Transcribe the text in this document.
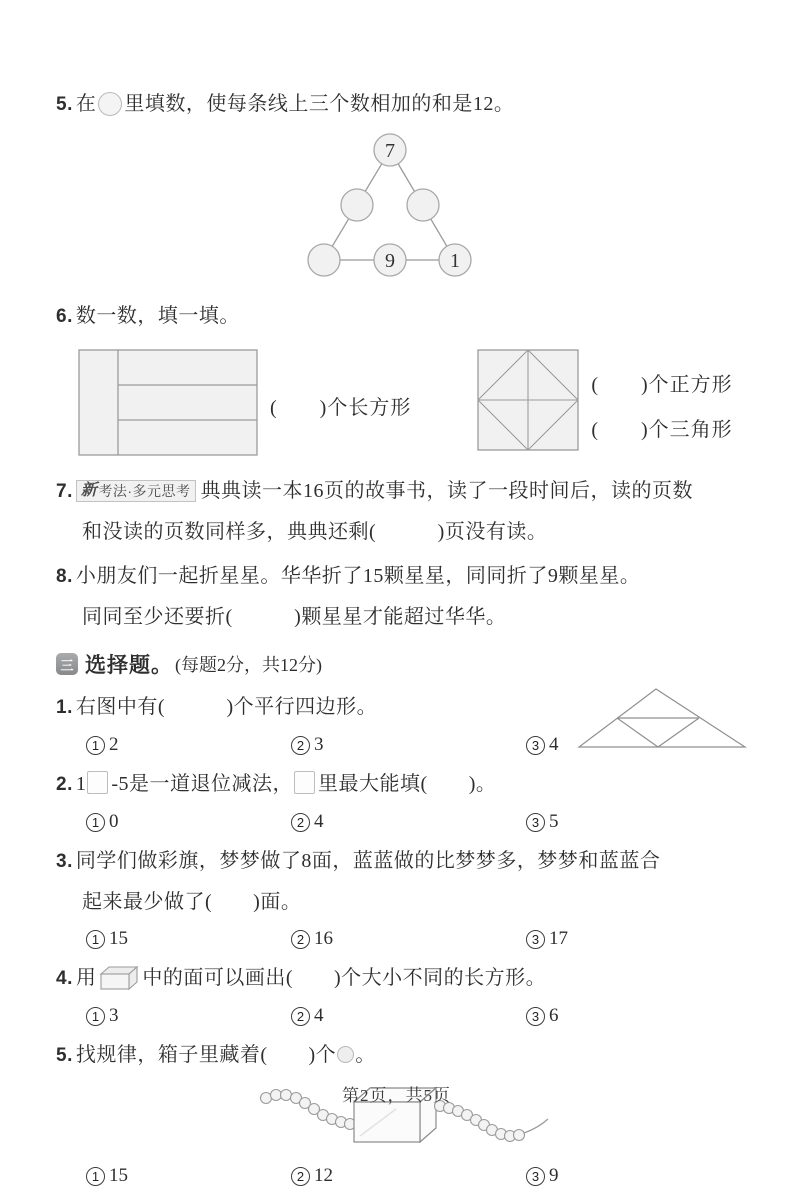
5. 在 里填数，使每条线上三个数相加的和是12。
7
9	1
6. 数一数，填一填。
(　　)个长方形
(　　)个正方形
(　　)个三角形
7. 新 考法·多元思考 典典读一本16页的故事书，读了一段时间后，读的页数
和没读的页数同样多，典典还剩(　　　)页没有读。
8. 小朋友们一起折星星。华华折了15颗星星，同同折了9颗星星。
同同至少还要折(　　　)颗星星才能超过华华。
三 选择题。 (每题2分，共12分)
1. 右图中有(　　　)个平行四边形。
1 2	2 3	3 4
2. 1 -5是一道退位减法， 里最大能填(　　)。
1 0	2 4	3 5
3. 同学们做彩旗，梦梦做了8面，蓝蓝做的比梦梦多，梦梦和蓝蓝合
起来最少做了(　　)面。
1 15	2 16	3 17
4. 用 中的面可以画出(　　)个大小不同的长方形。
1 3	2 4	3 6
5. 找规律，箱子里藏着(　　)个 。
1 15	2 12	3 9
第2页，共5页
